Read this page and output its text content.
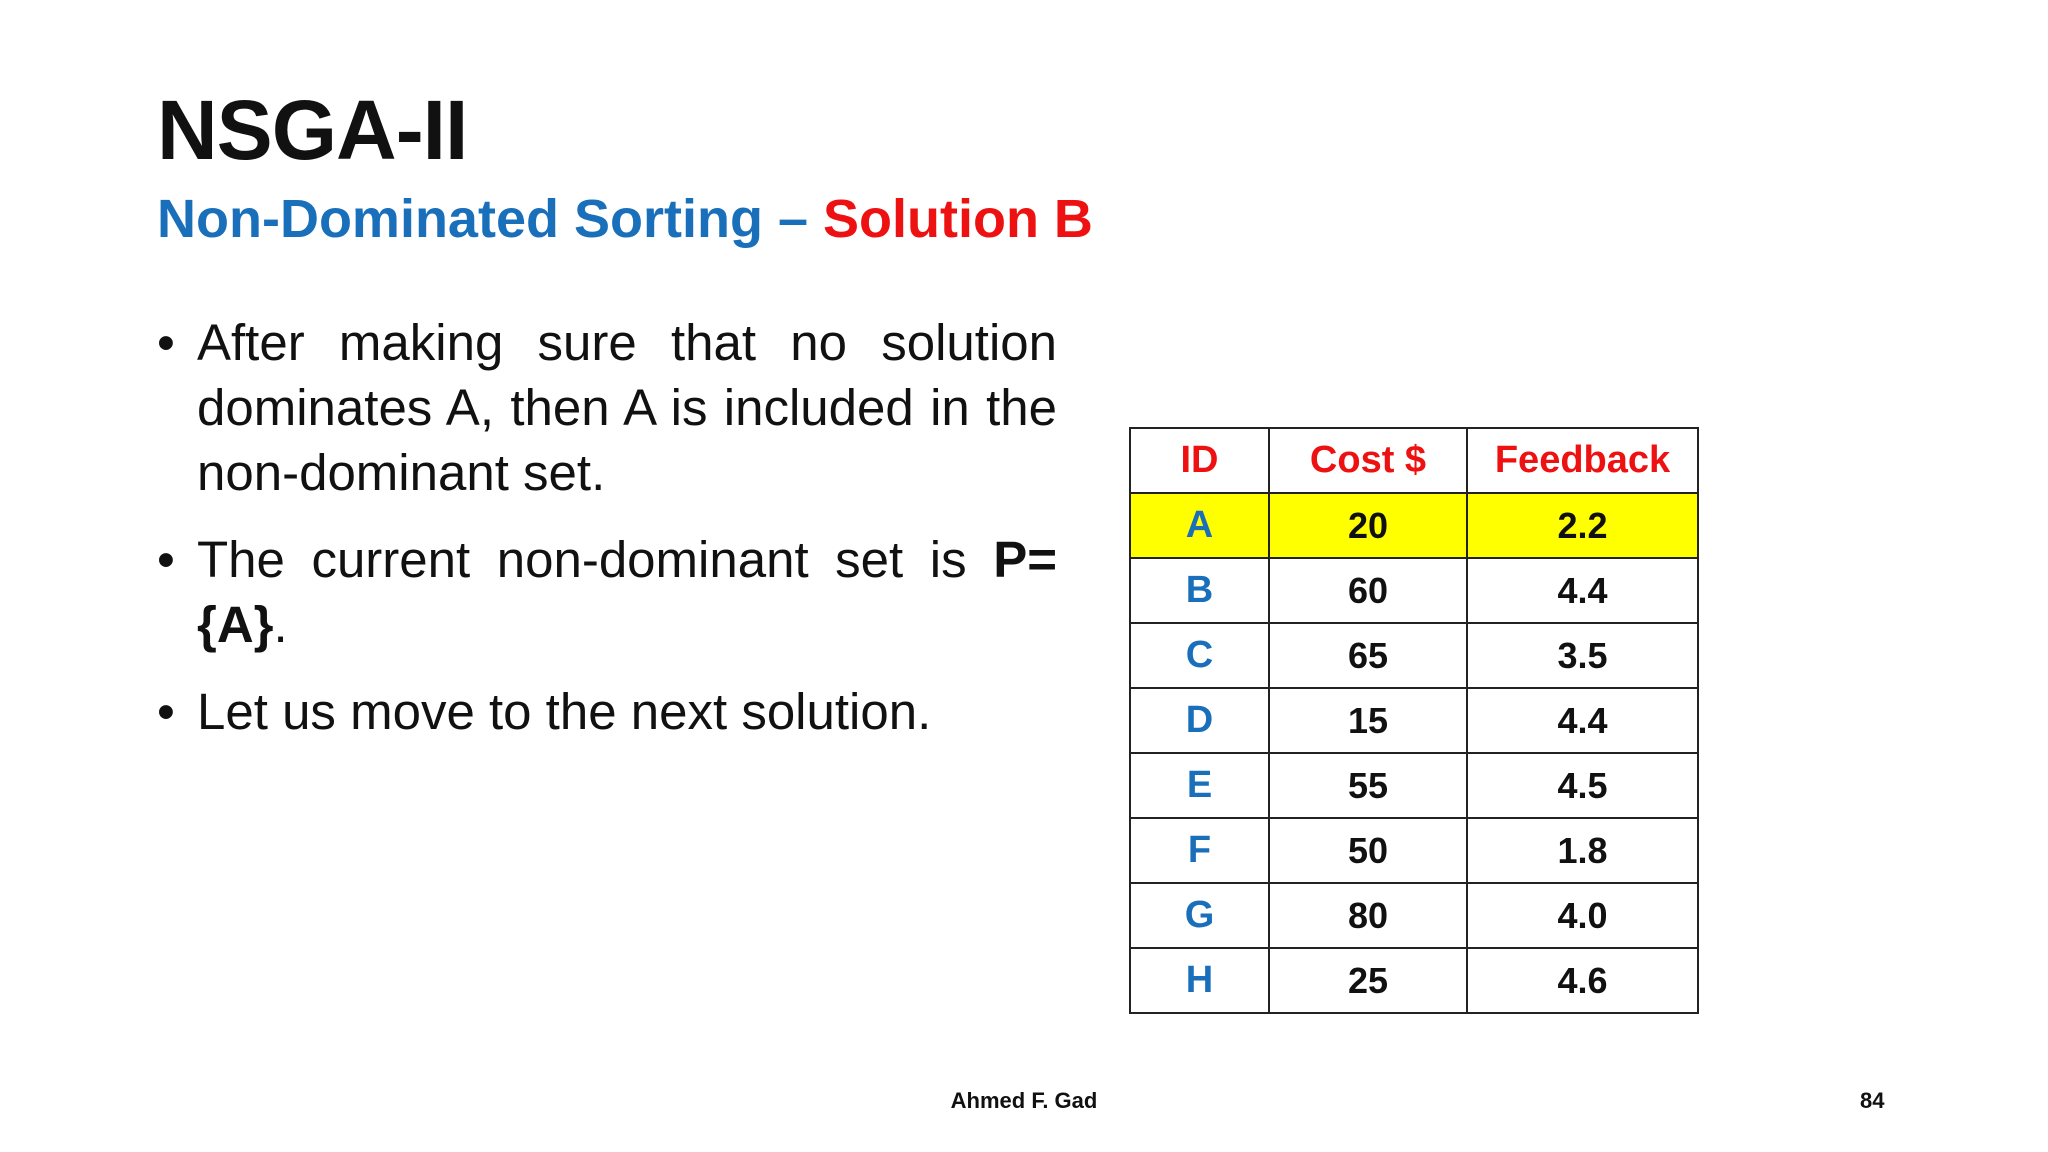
NSGA-II
Non-Dominated Sorting – Solution B
• After making sure that no solution dominates A, then A is included in the non-dominant set.
• The current non-dominant set is P={A}.
• Let us move to the next solution.
ID	Cost $	Feedback
A	20	2.2
B	60	4.4
C	65	3.5
D	15	4.4
E	55	4.5
F	50	1.8
G	80	4.0
H	25	4.6
Ahmed F. Gad	84
